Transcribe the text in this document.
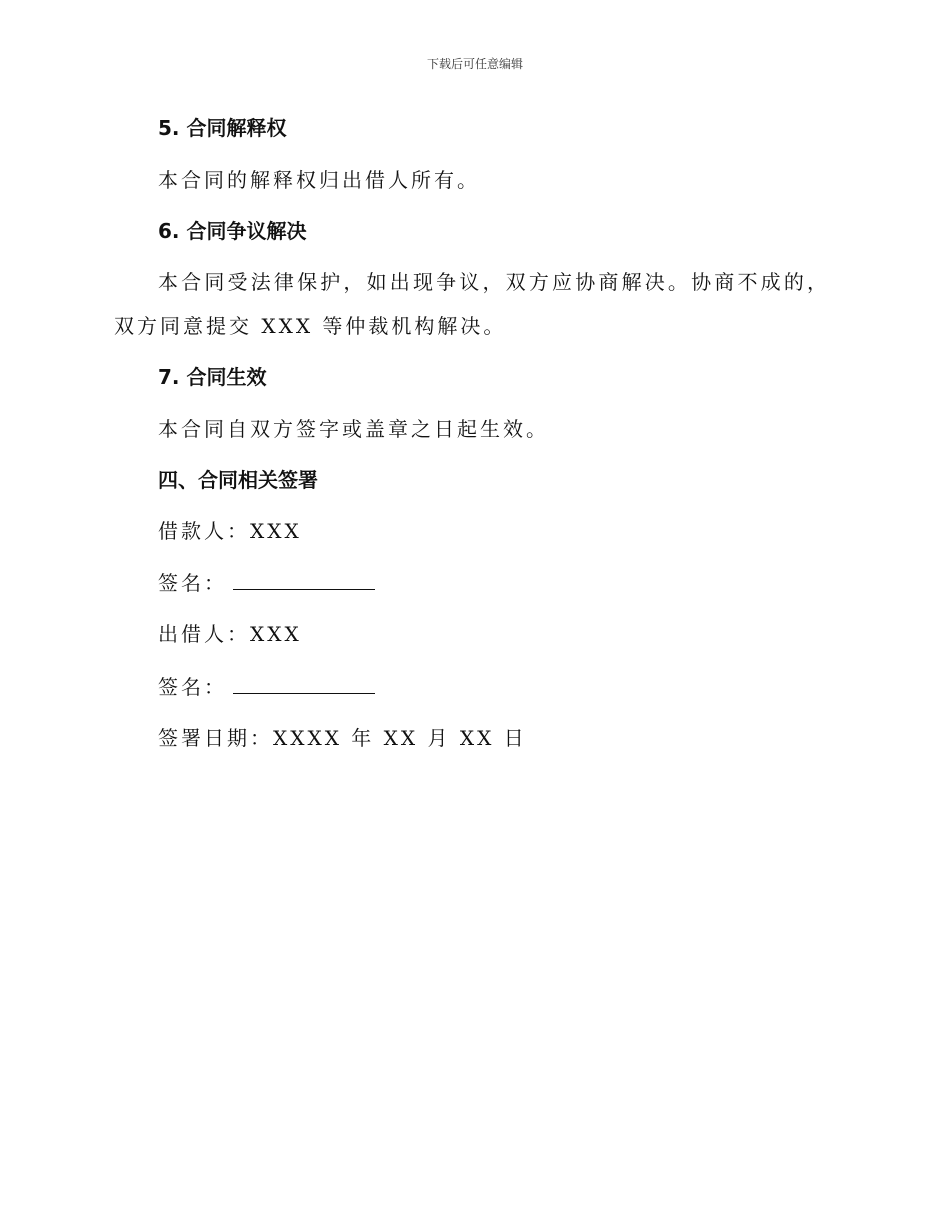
下载后可任意编辑
5. 合同解释权
本合同的解释权归出借人所有。
6. 合同争议解决
本合同受法律保护，如出现争议，双方应协商解决。协商不成的，双方同意提交 XXX 等仲裁机构解决。
7. 合同生效
本合同自双方签字或盖章之日起生效。
四、合同相关签署
借款人：XXX
签名：
出借人：XXX
签名：
签署日期：XXXX 年 XX 月 XX 日
